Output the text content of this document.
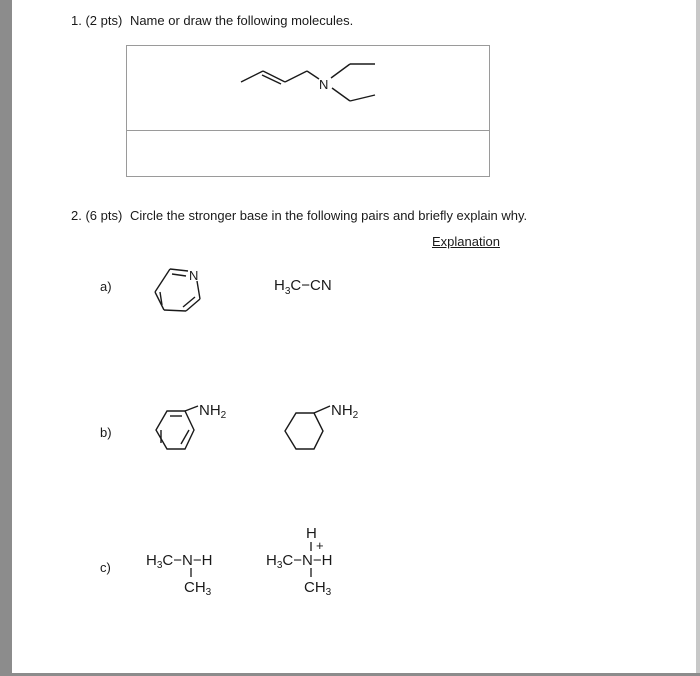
1. (2 pts) Name or draw the following molecules.
N
2. (6 pts) Circle the stronger base in the following pairs and briefly explain why.
Explanation
a)
N
$H_3C-CN$
b)
$NH_2$	$NH_2$
c) $H_3C-N-H$
$CH_3$
H
+
$H_3C-N-H$
$CH_3$
